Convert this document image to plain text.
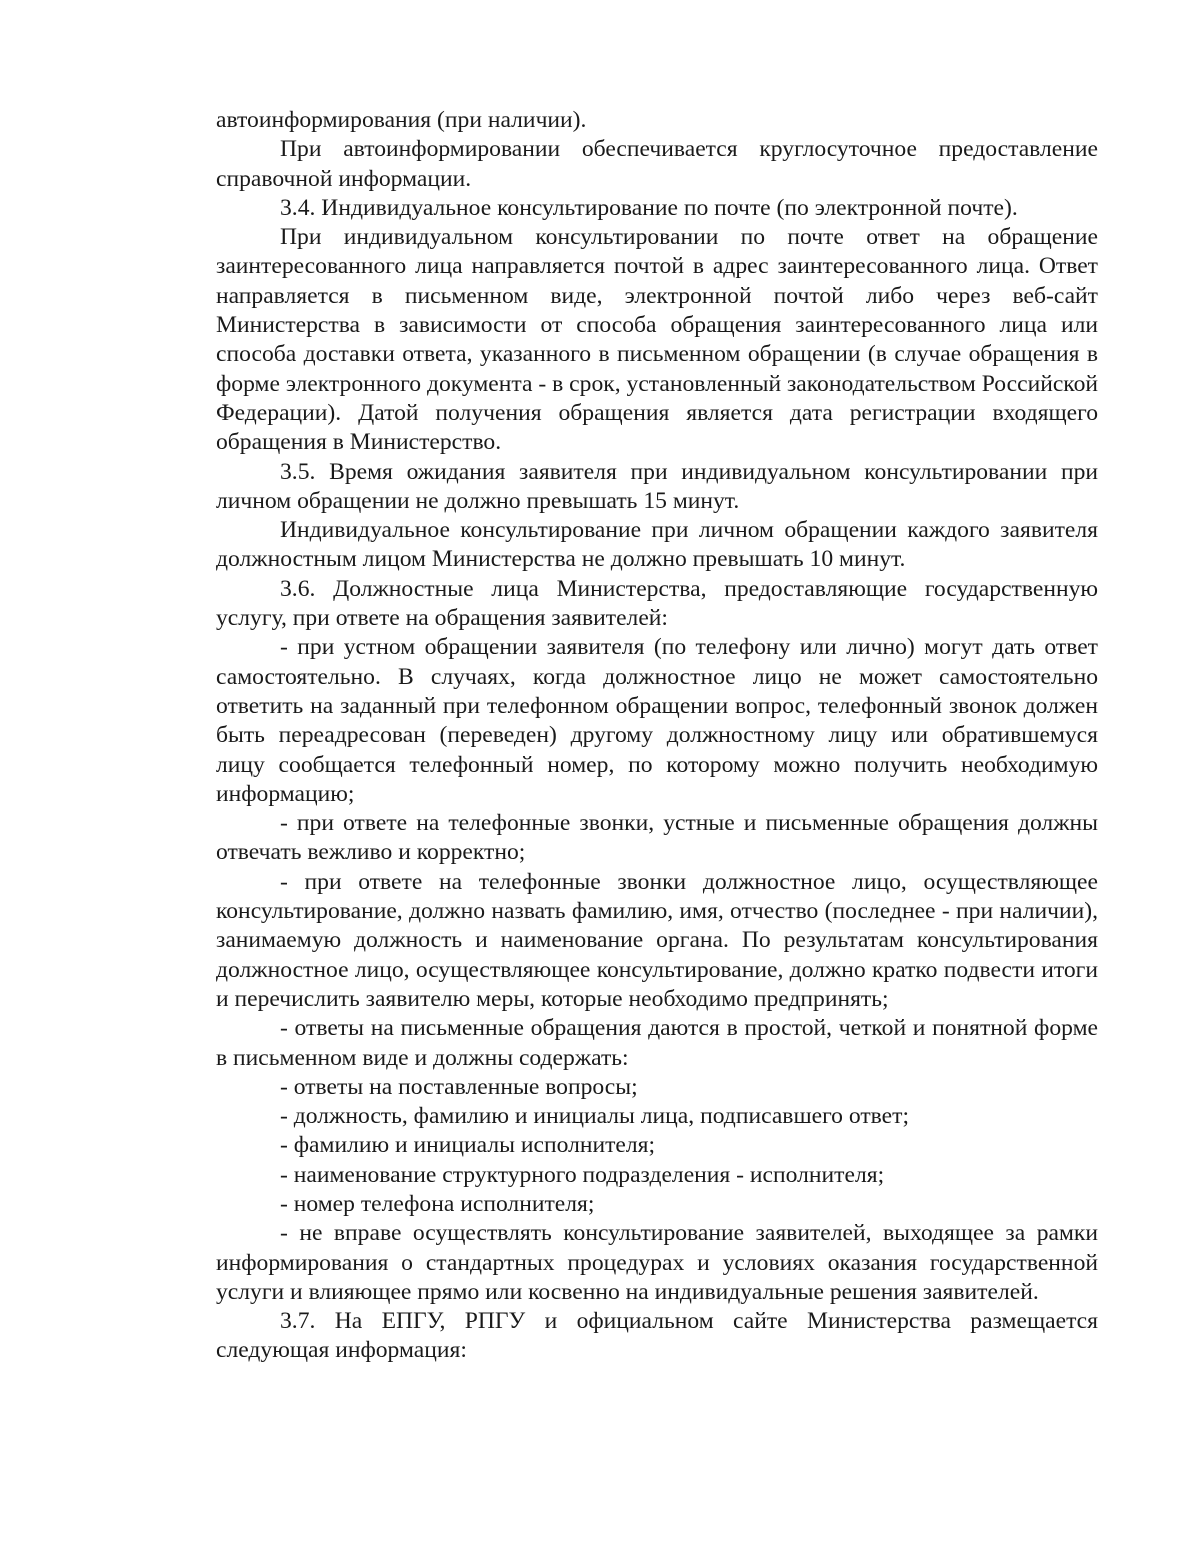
автоинформирования (при наличии).

При автоинформировании обеспечивается круглосуточное предоставление справочной информации.

3.4. Индивидуальное консультирование по почте (по электронной почте).

При индивидуальном консультировании по почте ответ на обращение заинтересованного лица направляется почтой в адрес заинтересованного лица. Ответ направляется в письменном виде, электронной почтой либо через веб-сайт Министерства в зависимости от способа обращения заинтересованного лица или способа доставки ответа, указанного в письменном обращении (в случае обращения в форме электронного документа - в срок, установленный законодательством Российской Федерации). Датой получения обращения является дата регистрации входящего обращения в Министерство.

3.5. Время ожидания заявителя при индивидуальном консультировании при личном обращении не должно превышать 15 минут.

Индивидуальное консультирование при личном обращении каждого заявителя должностным лицом Министерства не должно превышать 10 минут.

3.6. Должностные лица Министерства, предоставляющие государственную услугу, при ответе на обращения заявителей:

- при устном обращении заявителя (по телефону или лично) могут дать ответ самостоятельно. В случаях, когда должностное лицо не может самостоятельно ответить на заданный при телефонном обращении вопрос, телефонный звонок должен быть переадресован (переведен) другому должностному лицу или обратившемуся лицу сообщается телефонный номер, по которому можно получить необходимую информацию;

- при ответе на телефонные звонки, устные и письменные обращения должны отвечать вежливо и корректно;

- при ответе на телефонные звонки должностное лицо, осуществляющее консультирование, должно назвать фамилию, имя, отчество (последнее - при наличии), занимаемую должность и наименование органа. По результатам консультирования должностное лицо, осуществляющее консультирование, должно кратко подвести итоги и перечислить заявителю меры, которые необходимо предпринять;

- ответы на письменные обращения даются в простой, четкой и понятной форме в письменном виде и должны содержать:

- ответы на поставленные вопросы;

- должность, фамилию и инициалы лица, подписавшего ответ;

- фамилию и инициалы исполнителя;

- наименование структурного подразделения - исполнителя;

- номер телефона исполнителя;

- не вправе осуществлять консультирование заявителей, выходящее за рамки информирования о стандартных процедурах и условиях оказания государственной услуги и влияющее прямо или косвенно на индивидуальные решения заявителей.

3.7. На ЕПГУ, РПГУ и официальном сайте Министерства размещается следующая информация:
